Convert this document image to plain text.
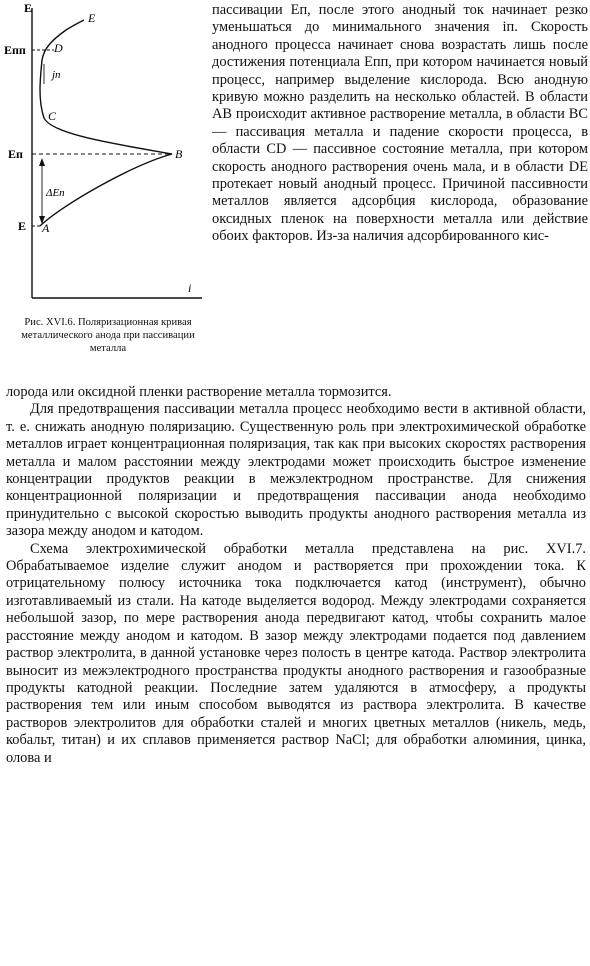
E
i
Eпп
Eп
E
jп
ΔEп
E
D
C
B
A
Рис. XVI.6. Поляризационная кривая металлического анода при пассивации металла

пассивации Eп, после этого анодный ток начинает резко уменьшаться до минимального значения iп. Скорость анодного процесса начинает снова возрастать лишь после достижения потенциала Eпп, при котором начинается новый процесс, например выделение кислорода. Всю анодную кривую можно разделить на несколько областей. В области AB происходит активное растворение металла, в области BC — пассивация металла и падение скорости процесса, в области CD — пассивное состояние металла, при котором скорость анодного растворения очень мала, и в области DE протекает новый анодный процесс. Причиной пассивности металлов является адсорбция кислорода, образование оксидных пленок на поверхности металла или действие обоих факторов. Из-за наличия адсорбированного кис-

лорода или оксидной пленки растворение металла тормозится.

Для предотвращения пассивации металла процесс необходимо вести в активной области, т. е. снижать анодную поляризацию. Существенную роль при электрохимической обработке металлов играет концентрационная поляризация, так как при высоких скоростях растворения металла и малом расстоянии между электродами может происходить быстрое изменение концентрации продуктов реакции в межэлектродном пространстве. Для снижения концентрационной поляризации и предотвращения пассивации анода необходимо принудительно с высокой скоростью выводить продукты анодного растворения металла из зазора между анодом и катодом.

Схема электрохимической обработки металла представлена на рис. XVI.7. Обрабатываемое изделие служит анодом и растворяется при прохождении тока. К отрицательному полюсу источника тока подключается катод (инструмент), обычно изготавливаемый из стали. На катоде выделяется водород. Между электродами сохраняется небольшой зазор, по мере растворения анода передвигают катод, чтобы сохранить малое расстояние между анодом и катодом. В зазор между электродами подается под давлением раствор электролита, в данной установке через полость в центре катода. Раствор электролита выносит из межэлектродного пространства продукты анодного растворения и газообразные продукты катодной реакции. Последние затем удаляются в атмосферу, а продукты растворения тем или иным способом выводятся из раствора электролита. В качестве растворов электролитов для обработки сталей и многих цветных металлов (никель, медь, кобальт, титан) и их сплавов применяется раствор NaCl; для обработки алюминия, цинка, олова и
